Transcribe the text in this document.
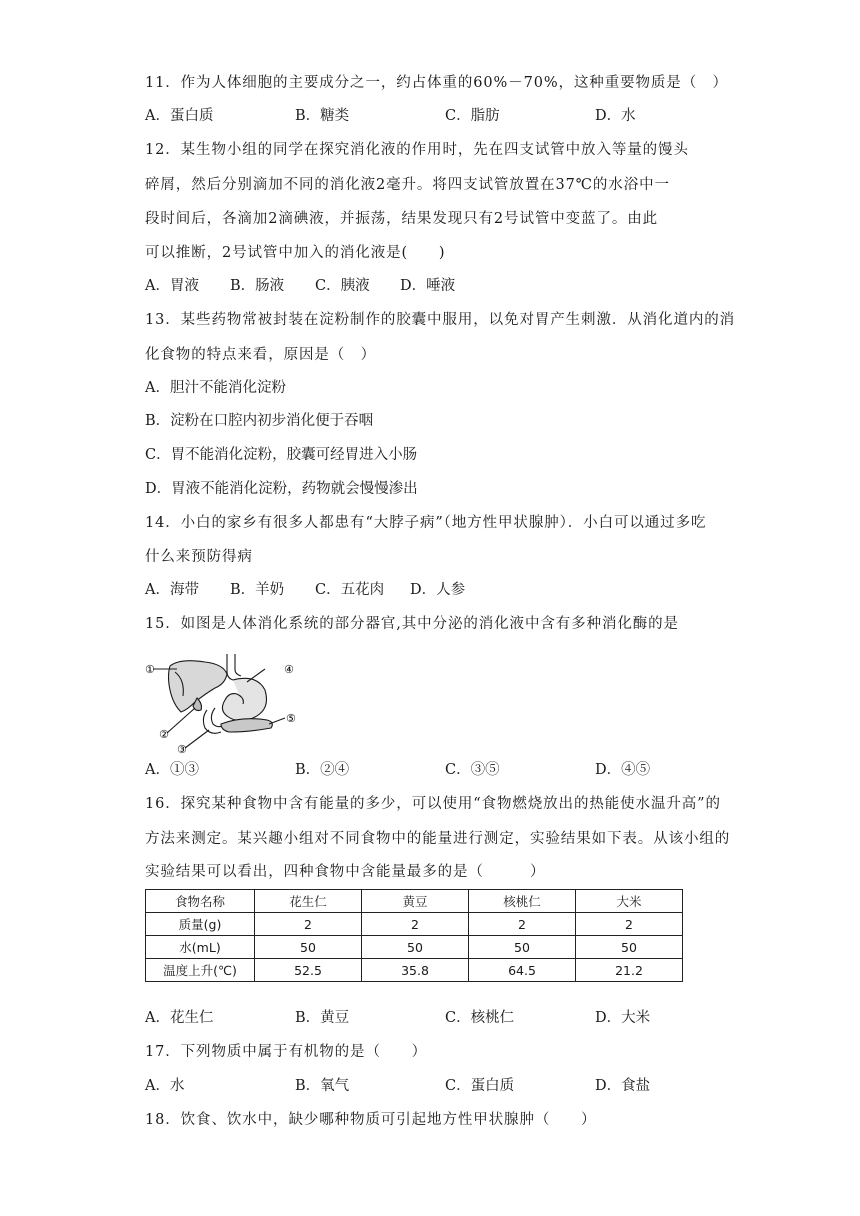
11．作为人体细胞的主要成分之一，约占体重的60%－70%，这种重要物质是（　）
A．蛋白质	B．糖类	C．脂肪	D．水
12．某生物小组的同学在探究消化液的作用时，先在四支试管中放入等量的馒头
碎屑，然后分别滴加不同的消化液2毫升。将四支试管放置在37℃的水浴中一
段时间后，各滴加2滴碘液，并振荡，结果发现只有2号试管中变蓝了。由此
可以推断，2号试管中加入的消化液是(　　)
A．胃液 B．肠液 C．胰液 D．唾液
13．某些药物常被封装在淀粉制作的胶囊中服用，以免对胃产生刺激．从消化道内的消
化食物的特点来看，原因是（　）
A．胆汁不能消化淀粉
B．淀粉在口腔内初步消化便于吞咽
C．胃不能消化淀粉，胶囊可经胃进入小肠
D．胃液不能消化淀粉，药物就会慢慢渗出
14．小白的家乡有很多人都患有“大脖子病”（地方性甲状腺肿）．小白可以通过多吃
什么来预防得病
A．海带 B．羊奶 C．五花肉 D．人参
15．如图是人体消化系统的部分器官,其中分泌的消化液中含有多种消化酶的是
①
②
③
④
⑤
A．①③	B．②④	C．③⑤	D．④⑤
16．探究某种食物中含有能量的多少，可以使用“食物燃烧放出的热能使水温升高”的
方法来测定。某兴趣小组对不同食物中的能量进行测定，实验结果如下表。从该小组的
实验结果可以看出，四种食物中含能量最多的是（　　　）
食物名称	花生仁	黄豆	核桃仁	大米
质量(g)	2	2	2	2
水(mL)	50	50	50	50
温度上升(℃)	52.5	35.8	64.5	21.2
A．花生仁	B．黄豆	C．核桃仁	D．大米
17．下列物质中属于有机物的是（　　）
A．水	B．氧气	C．蛋白质	D．食盐
18．饮食、饮水中，缺少哪种物质可引起地方性甲状腺肿（　　）
